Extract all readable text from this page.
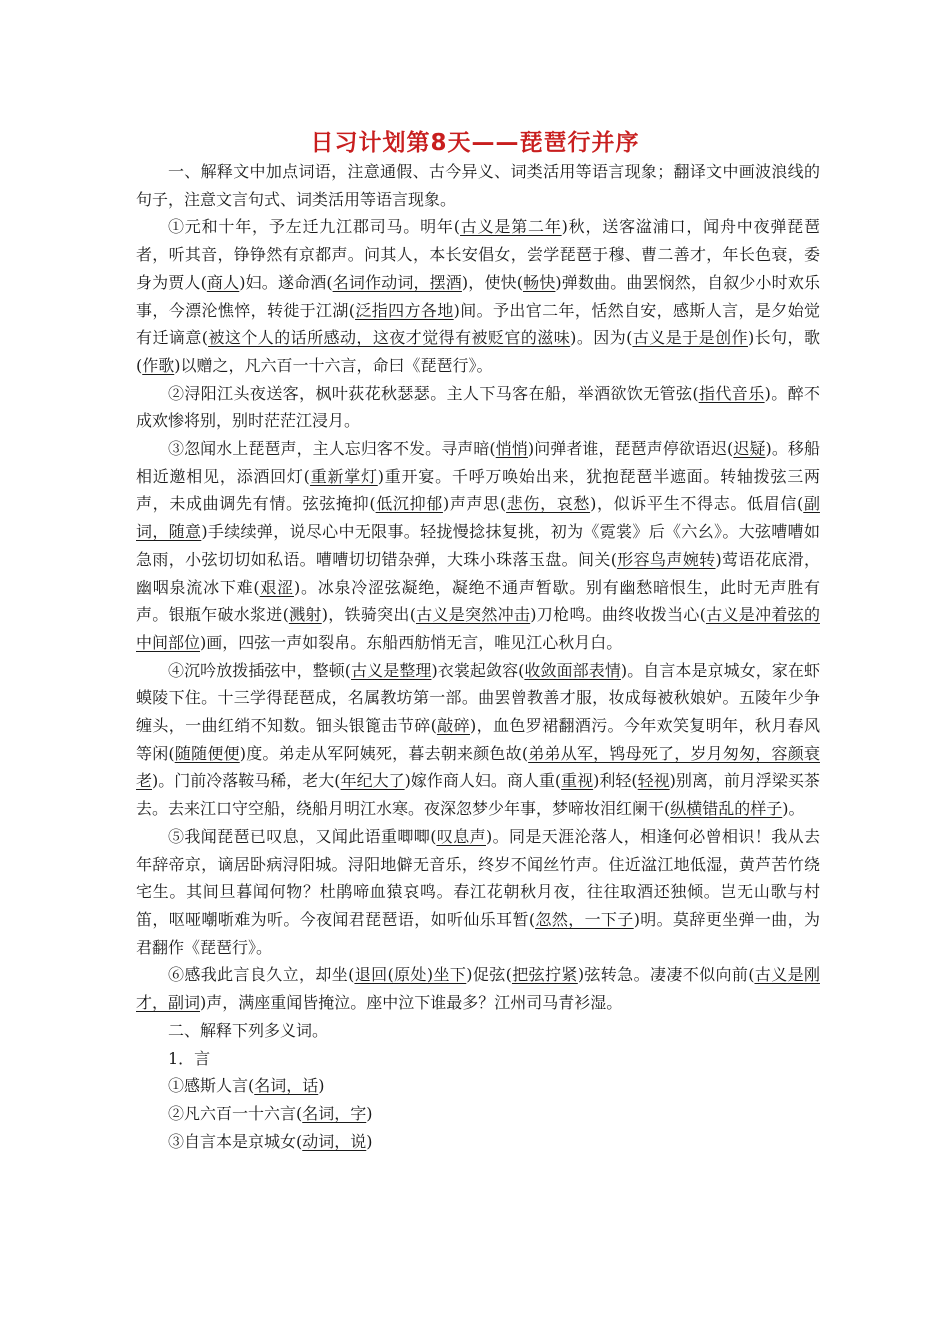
日习计划第8天——琵琶行并序

一、解释文中加点词语，注意通假、古今异义、词类活用等语言现象；翻译文中画波浪线的句子，注意文言句式、词类活用等语言现象。

①元和十年，予左迁九江郡司马。明年(古义是第二年)秋，送客湓浦口，闻舟中夜弹琵琶者，听其音，铮铮然有京都声。问其人，本长安倡女，尝学琵琶于穆、曹二善才，年长色衰，委身为贾人(商人)妇。遂命酒(名词作动词，摆酒)，使快(畅快)弹数曲。曲罢悯然，自叙少小时欢乐事，今漂沦憔悴，转徙于江湖(泛指四方各地)间。予出官二年，恬然自安，感斯人言，是夕始觉有迁谪意(被这个人的话所感动，这夜才觉得有被贬官的滋味)。因为(古义是于是创作)长句，歌(作歌)以赠之，凡六百一十六言，命曰《琵琶行》。

②浔阳江头夜送客，枫叶荻花秋瑟瑟。主人下马客在船，举酒欲饮无管弦(指代音乐)。醉不成欢惨将别，别时茫茫江浸月。

③忽闻水上琵琶声，主人忘归客不发。寻声暗(悄悄)问弹者谁，琵琶声停欲语迟(迟疑)。移船相近邀相见，添酒回灯(重新掌灯)重开宴。千呼万唤始出来，犹抱琵琶半遮面。转轴拨弦三两声，未成曲调先有情。弦弦掩抑(低沉抑郁)声声思(悲伤，哀愁)，似诉平生不得志。低眉信(副词，随意)手续续弹，说尽心中无限事。轻拢慢捻抹复挑，初为《霓裳》后《六幺》。大弦嘈嘈如急雨，小弦切切如私语。嘈嘈切切错杂弹，大珠小珠落玉盘。间关(形容鸟声婉转)莺语花底滑，幽咽泉流冰下难(艰涩)。冰泉冷涩弦凝绝，凝绝不通声暂歇。别有幽愁暗恨生，此时无声胜有声。银瓶乍破水浆迸(溅射)，铁骑突出(古义是突然冲击)刀枪鸣。曲终收拨当心(古义是冲着弦的中间部位)画，四弦一声如裂帛。东船西舫悄无言，唯见江心秋月白。

④沉吟放拨插弦中，整顿(古义是整理)衣裳起敛容(收敛面部表情)。自言本是京城女，家在虾蟆陵下住。十三学得琵琶成，名属教坊第一部。曲罢曾教善才服，妆成每被秋娘妒。五陵年少争缠头，一曲红绡不知数。钿头银篦击节碎(敲碎)，血色罗裙翻酒污。今年欢笑复明年，秋月春风等闲(随随便便)度。弟走从军阿姨死，暮去朝来颜色故(弟弟从军，鸨母死了，岁月匆匆，容颜衰老)。门前冷落鞍马稀，老大(年纪大了)嫁作商人妇。商人重(重视)利轻(轻视)别离，前月浮梁买茶去。去来江口守空船，绕船月明江水寒。夜深忽梦少年事，梦啼妆泪红阑干(纵横错乱的样子)。

⑤我闻琵琶已叹息，又闻此语重唧唧(叹息声)。同是天涯沦落人，相逢何必曾相识！我从去年辞帝京，谪居卧病浔阳城。浔阳地僻无音乐，终岁不闻丝竹声。住近湓江地低湿，黄芦苦竹绕宅生。其间旦暮闻何物？杜鹃啼血猿哀鸣。春江花朝秋月夜，往往取酒还独倾。岂无山歌与村笛，呕哑嘲哳难为听。今夜闻君琵琶语，如听仙乐耳暂(忽然，一下子)明。莫辞更坐弹一曲，为君翻作《琵琶行》。

⑥感我此言良久立，却坐(退回(原处)坐下)促弦(把弦拧紧)弦转急。凄凄不似向前(古义是刚才，副词)声，满座重闻皆掩泣。座中泣下谁最多？江州司马青衫湿。

二、解释下列多义词。

1．言

①感斯人言(名词，话)

②凡六百一十六言(名词，字)

③自言本是京城女(动词，说)
